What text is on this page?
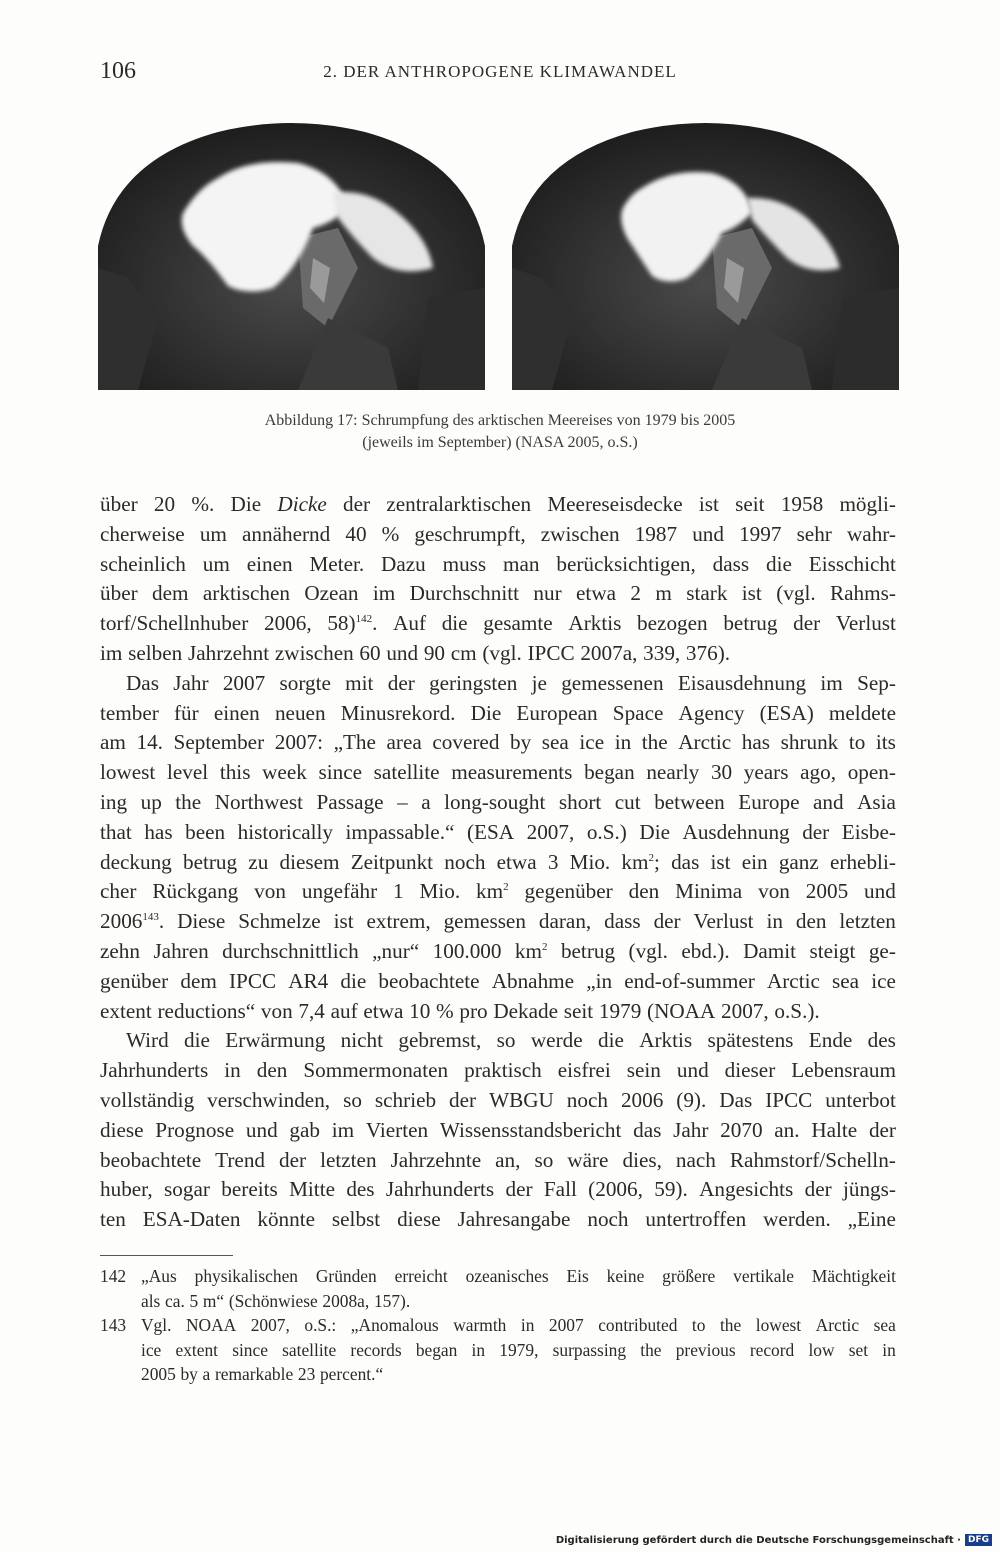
106	2. DER ANTHROPOGENE KLIMAWANDEL
Abbildung 17: Schrumpfung des arktischen Meereises von 1979 bis 2005
(jeweils im September) (NASA 2005, o.S.)
über 20 %. Die Dicke der zentralarktischen Meereseisdecke ist seit 1958 mögli-
cherweise um annähernd 40 % geschrumpft, zwischen 1987 und 1997 sehr wahr-
scheinlich um einen Meter. Dazu muss man berücksichtigen, dass die Eisschicht
über dem arktischen Ozean im Durchschnitt nur etwa 2 m stark ist (vgl. Rahms-
torf/Schellnhuber 2006, 58)$^{142}$. Auf die gesamte Arktis bezogen betrug der Verlust
im selben Jahrzehnt zwischen 60 und 90 cm (vgl. IPCC 2007a, 339, 376).
Das Jahr 2007 sorgte mit der geringsten je gemessenen Eisausdehnung im Sep-
tember für einen neuen Minusrekord. Die European Space Agency (ESA) meldete
am 14. September 2007: „The area covered by sea ice in the Arctic has shrunk to its
lowest level this week since satellite measurements began nearly 30 years ago, open-
ing up the Northwest Passage – a long-sought short cut between Europe and Asia
that has been historically impassable.“ (ESA 2007, o.S.) Die Ausdehnung der Eisbe-
deckung betrug zu diesem Zeitpunkt noch etwa 3 Mio. $km^2$; das ist ein ganz erhebli-
cher Rückgang von ungefähr 1 Mio. $km^2$ gegenüber den Minima von 2005 und
2006$^{143}$. Diese Schmelze ist extrem, gemessen daran, dass der Verlust in den letzten
zehn Jahren durchschnittlich „nur“ 100.000 $km^2$ betrug (vgl. ebd.). Damit steigt ge-
genüber dem IPCC AR4 die beobachtete Abnahme „in end-of-summer Arctic sea ice
extent reductions“ von 7,4 auf etwa 10 % pro Dekade seit 1979 (NOAA 2007, o.S.).
Wird die Erwärmung nicht gebremst, so werde die Arktis spätestens Ende des
Jahrhunderts in den Sommermonaten praktisch eisfrei sein und dieser Lebensraum
vollständig verschwinden, so schrieb der WBGU noch 2006 (9). Das IPCC unterbot
diese Prognose und gab im Vierten Wissensstandsbericht das Jahr 2070 an. Halte der
beobachtete Trend der letzten Jahrzehnte an, so wäre dies, nach Rahmstorf/Schelln-
huber, sogar bereits Mitte des Jahrhunderts der Fall (2006, 59). Angesichts der jüngs-
ten ESA-Daten könnte selbst diese Jahresangabe noch untertroffen werden. „Eine
142 „Aus physikalischen Gründen erreicht ozeanisches Eis keine größere vertikale Mächtigkeit
als ca. 5 m“ (Schönwiese 2008a, 157).
143 Vgl. NOAA 2007, o.S.: „Anomalous warmth in 2007 contributed to the lowest Arctic sea
ice extent since satellite records began in 1979, surpassing the previous record low set in
2005 by a remarkable 23 percent.“
Digitalisierung gefördert durch die Deutsche Forschungsgemeinschaft · DFG
